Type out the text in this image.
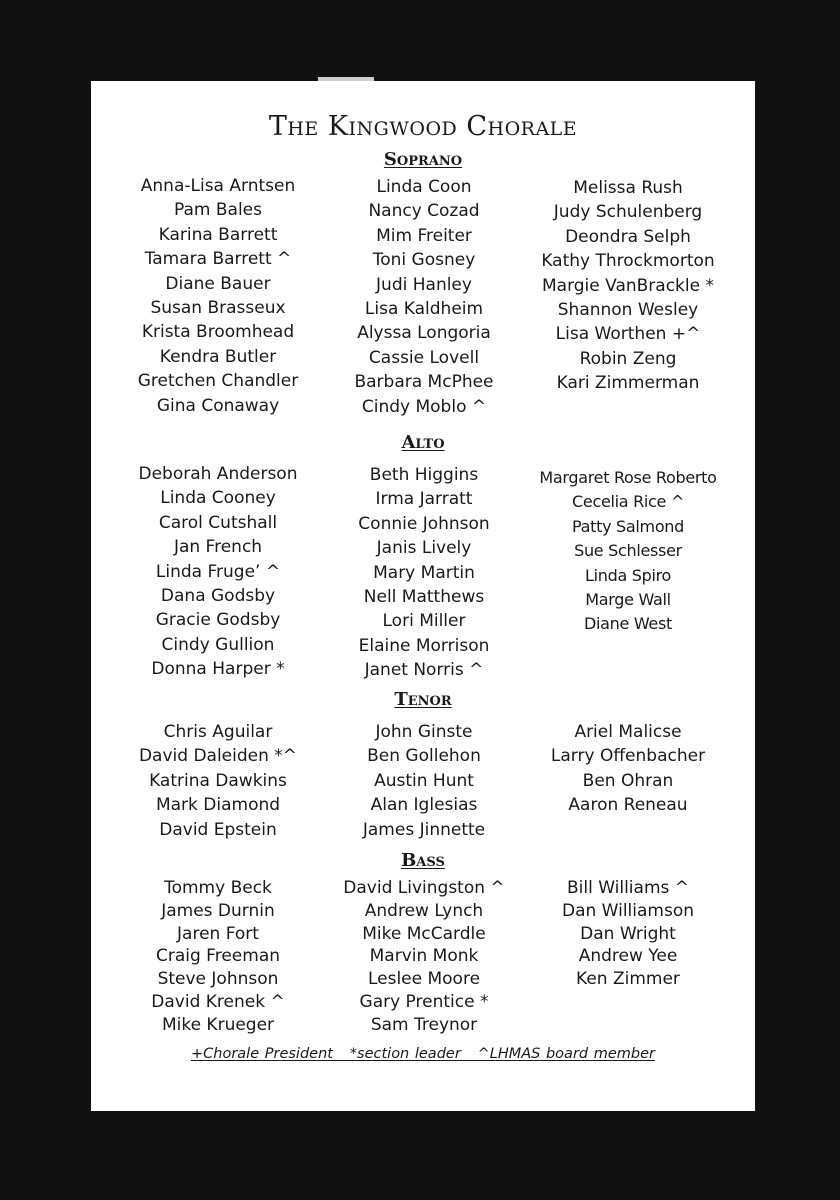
The Kingwood Chorale
Soprano
Anna-Lisa Arntsen
Pam Bales
Karina Barrett
Tamara Barrett ^
Diane Bauer
Susan Brasseux
Krista Broomhead
Kendra Butler
Gretchen Chandler
Gina Conaway
Linda Coon
Nancy Cozad
Mim Freiter
Toni Gosney
Judi Hanley
Lisa Kaldheim
Alyssa Longoria
Cassie Lovell
Barbara McPhee
Cindy Moblo ^
Melissa Rush
Judy Schulenberg
Deondra Selph
Kathy Throckmorton
Margie VanBrackle *
Shannon Wesley
Lisa Worthen +^
Robin Zeng
Kari Zimmerman
Alto
Deborah Anderson
Linda Cooney
Carol Cutshall
Jan French
Linda Fruge’ ^
Dana Godsby
Gracie Godsby
Cindy Gullion
Donna Harper *
Beth Higgins
Irma Jarratt
Connie Johnson
Janis Lively
Mary Martin
Nell Matthews
Lori Miller
Elaine Morrison
Janet Norris ^
Margaret Rose Roberto
Cecelia Rice ^
Patty Salmond
Sue Schlesser
Linda Spiro
Marge Wall
Diane West
Tenor
Chris Aguilar
David Daleiden *^
Katrina Dawkins
Mark Diamond
David Epstein
John Ginste
Ben Gollehon
Austin Hunt
Alan Iglesias
James Jinnette
Ariel Malicse
Larry Offenbacher
Ben Ohran
Aaron Reneau
Bass
Tommy Beck
James Durnin
Jaren Fort
Craig Freeman
Steve Johnson
David Krenek ^
Mike Krueger
David Livingston ^
Andrew Lynch
Mike McCardle
Marvin Monk
Leslee Moore
Gary Prentice *
Sam Treynor
Bill Williams ^
Dan Williamson
Dan Wright
Andrew Yee
Ken Zimmer
+Chorale President   *section leader   ^LHMAS board member
